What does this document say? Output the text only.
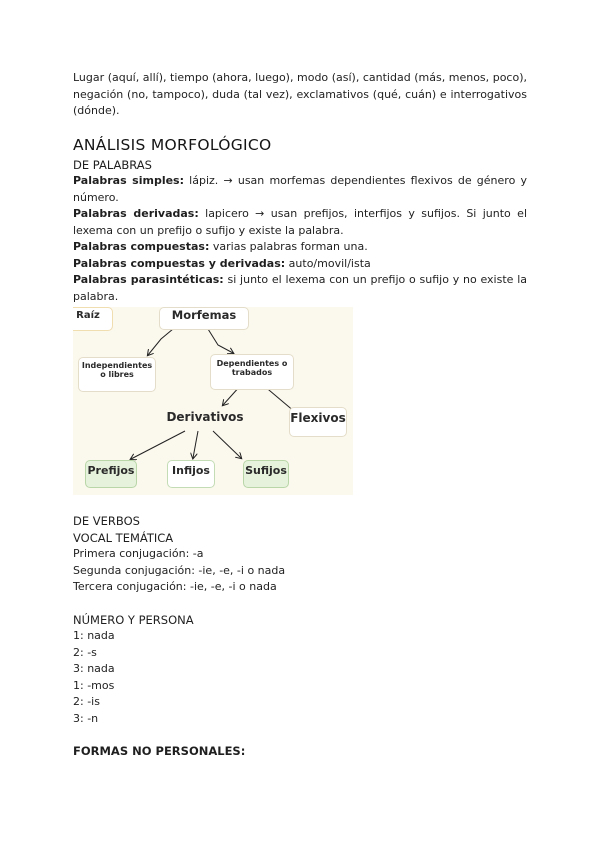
Lugar (aquí, allí), tiempo (ahora, luego), modo (así), cantidad (más, menos, poco), negación (no, tampoco), duda (tal vez), exclamativos (qué, cuán) e interrogativos (dónde).

ANÁLISIS MORFOLÓGICO
DE PALABRAS

Palabras simples: lápiz. → usan morfemas dependientes flexivos de género y número.

Palabras derivadas: lapicero → usan prefijos, interfijos y sufijos. Si junto el lexema con un prefijo o sufijo y existe la palabra.

Palabras compuestas: varias palabras forman una.

Palabras compuestas y derivadas: auto/movil/ista

Palabras parasintéticas: si junto el lexema con un prefijo o sufijo y no existe la palabra.

Raíz	Morfemas
Independientes o libres
Dependientes o trabados
Derivativos	Flexivos
Prefijos	Infijos	Sufijos
DE VERBOS
VOCAL TEMÁTICA

Primera conjugación: -a

Segunda conjugación: -ie, -e, -i o nada

Tercera conjugación: -ie, -e, -i o nada

NÚMERO Y PERSONA

1: nada

2: -s

3: nada

1: -mos

2: -is

3: -n

FORMAS NO PERSONALES:
